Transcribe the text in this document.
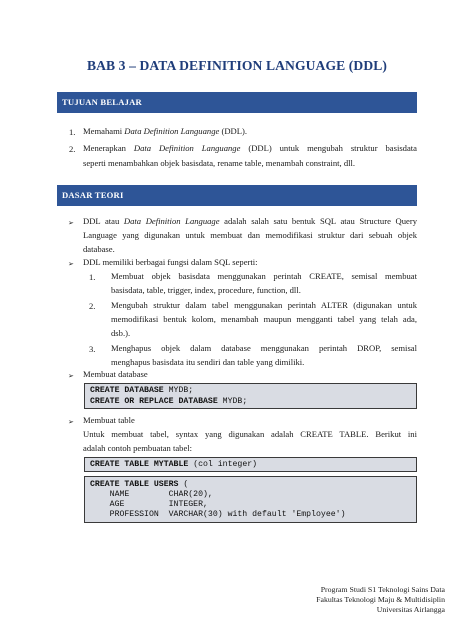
BAB 3 – DATA DEFINITION LANGUAGE (DDL)
TUJUAN BELAJAR
1. Memahami Data Definition Languange (DDL).
2. Menerapkan Data Definition Languange (DDL) untuk mengubah struktur basisdata
seperti menambahkan objek basisdata, rename table, menambah constraint, dll.
DASAR TEORI
➢ DDL atau Data Definition Language adalah salah satu bentuk SQL atau Structure Query
Language yang digunakan untuk membuat dan memodifikasi struktur dari sebuah objek
database.
➢ DDL memiliki berbagai fungsi dalam SQL seperti:
1. Membuat objek basisdata menggunakan perintah CREATE, semisal membuat
basisdata, table, trigger, index, procedure, function, dll.
2. Mengubah struktur dalam tabel menggunakan perintah ALTER (digunakan untuk
memodifikasi bentuk kolom, menambah maupun mengganti tabel yang telah ada,
dsb.).
3. Menghapus objek dalam database menggunakan perintah DROP, semisal
menghapus basisdata itu sendiri dan table yang dimiliki.
➢ Membuat database
CREATE DATABASE MYDB;
CREATE OR REPLACE DATABASE MYDB;
➢ Membuat table
Untuk membuat tabel, syntax yang digunakan adalah CREATE TABLE. Berikut ini
adalah contoh pembuatan tabel:
CREATE TABLE MYTABLE (col integer)
CREATE TABLE USERS (
NAME        CHAR(20),
AGE         INTEGER,
PROFESSION  VARCHAR(30) with default 'Employee')
Program Studi S1 Teknologi Sains Data
Fakultas Teknologi Maju & Multidisiplin
Universitas Airlangga
